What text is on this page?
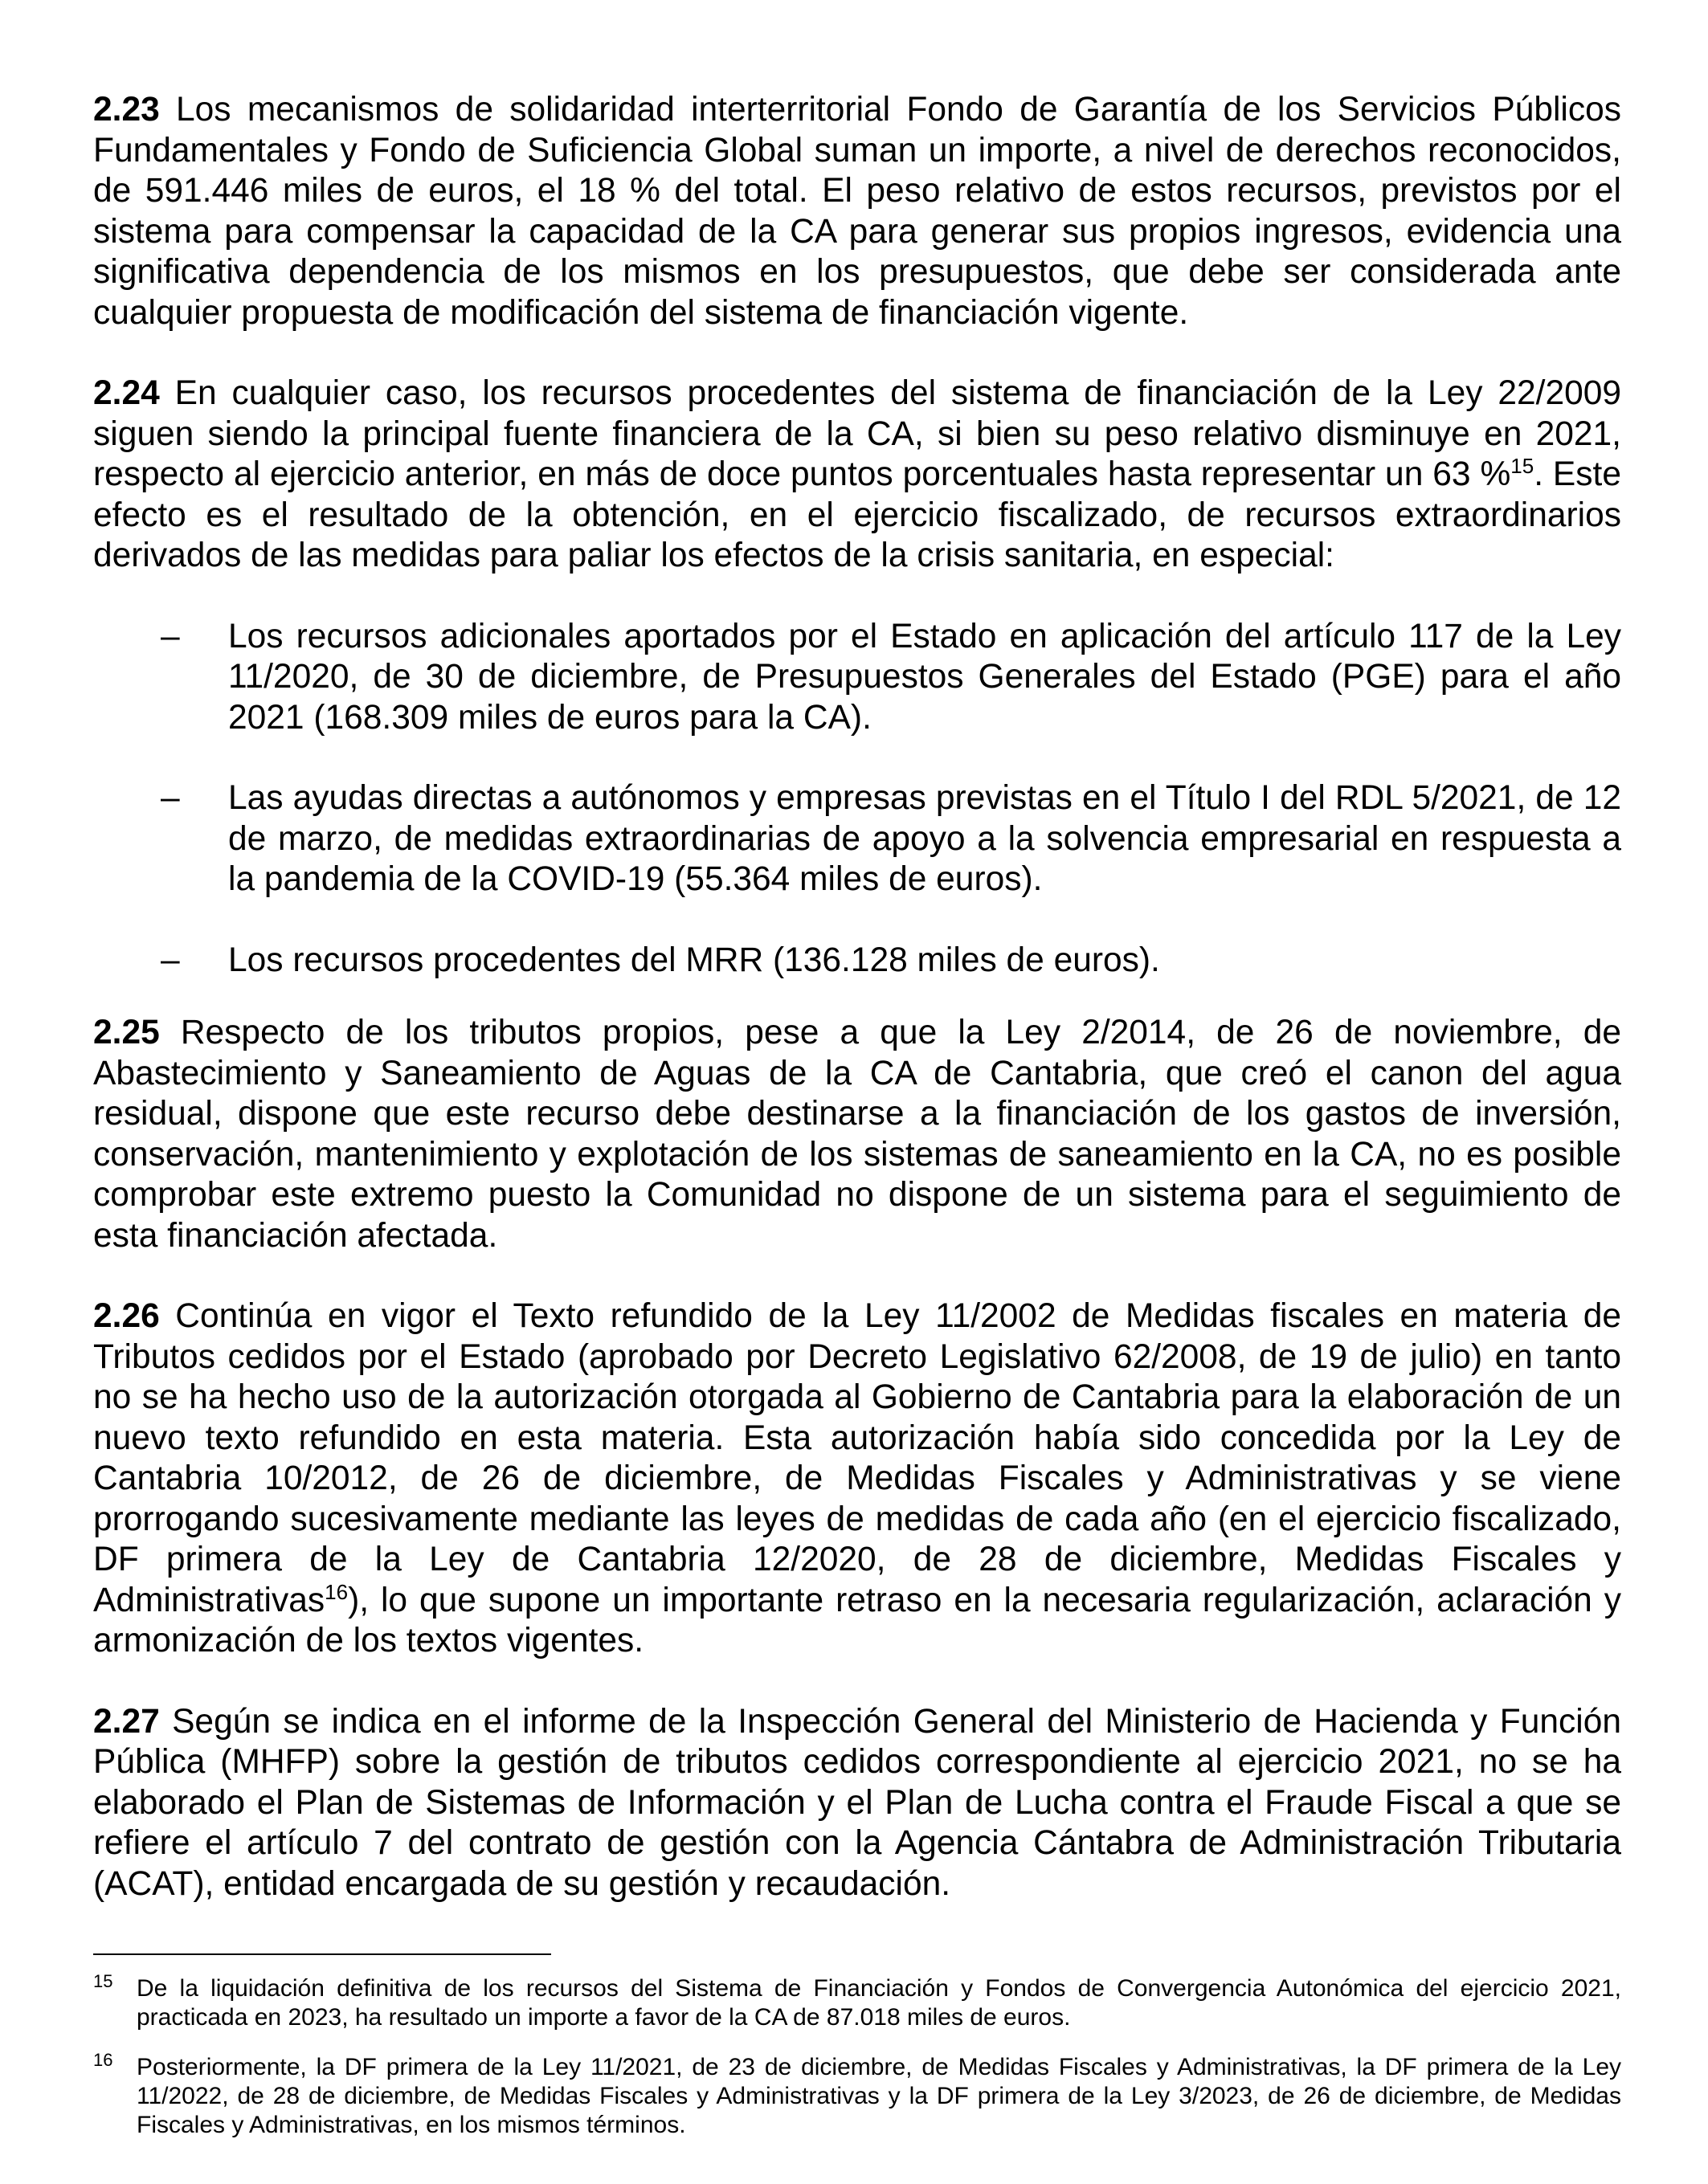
2.23 Los mecanismos de solidaridad interterritorial Fondo de Garantía de los Servicios Públicos Fundamentales y Fondo de Suficiencia Global suman un importe, a nivel de derechos reconocidos, de 591.446 miles de euros, el 18 % del total. El peso relativo de estos recursos, previstos por el sistema para compensar la capacidad de la CA para generar sus propios ingresos, evidencia una significativa dependencia de los mismos en los presupuestos, que debe ser considerada ante cualquier propuesta de modificación del sistema de financiación vigente.

2.24 En cualquier caso, los recursos procedentes del sistema de financiación de la Ley 22/2009 siguen siendo la principal fuente financiera de la CA, si bien su peso relativo disminuye en 2021, respecto al ejercicio anterior, en más de doce puntos porcentuales hasta representar un 63 %$^{15}$. Este efecto es el resultado de la obtención, en el ejercicio fiscalizado, de recursos extraordinarios derivados de las medidas para paliar los efectos de la crisis sanitaria, en especial:

–	Los recursos adicionales aportados por el Estado en aplicación del artículo 117 de la Ley 11/2020, de 30 de diciembre, de Presupuestos Generales del Estado (PGE) para el año 2021 (168.309 miles de euros para la CA).
–	Las ayudas directas a autónomos y empresas previstas en el Título I del RDL 5/2021, de 12 de marzo, de medidas extraordinarias de apoyo a la solvencia empresarial en respuesta a la pandemia de la COVID-19 (55.364 miles de euros).
–	Los recursos procedentes del MRR (136.128 miles de euros).

2.25 Respecto de los tributos propios, pese a que la Ley 2/2014, de 26 de noviembre, de Abastecimiento y Saneamiento de Aguas de la CA de Cantabria, que creó el canon del agua residual, dispone que este recurso debe destinarse a la financiación de los gastos de inversión, conservación, mantenimiento y explotación de los sistemas de saneamiento en la CA, no es posible comprobar este extremo puesto la Comunidad no dispone de un sistema para el seguimiento de esta financiación afectada.

2.26 Continúa en vigor el Texto refundido de la Ley 11/2002 de Medidas fiscales en materia de Tributos cedidos por el Estado (aprobado por Decreto Legislativo 62/2008, de 19 de julio) en tanto no se ha hecho uso de la autorización otorgada al Gobierno de Cantabria para la elaboración de un nuevo texto refundido en esta materia. Esta autorización había sido concedida por la Ley de Cantabria 10/2012, de 26 de diciembre, de Medidas Fiscales y Administrativas y se viene prorrogando sucesivamente mediante las leyes de medidas de cada año (en el ejercicio fiscalizado, DF primera de la Ley de Cantabria 12/2020, de 28 de diciembre, Medidas Fiscales y Administrativas$^{16}$), lo que supone un importante retraso en la necesaria regularización, aclaración y armonización de los textos vigentes.

2.27 Según se indica en el informe de la Inspección General del Ministerio de Hacienda y Función Pública (MHFP) sobre la gestión de tributos cedidos correspondiente al ejercicio 2021, no se ha elaborado el Plan de Sistemas de Información y el Plan de Lucha contra el Fraude Fiscal a que se refiere el artículo 7 del contrato de gestión con la Agencia Cántabra de Administración Tributaria (ACAT), entidad encargada de su gestión y recaudación.

15 De la liquidación definitiva de los recursos del Sistema de Financiación y Fondos de Convergencia Autonómica del ejercicio 2021, practicada en 2023, ha resultado un importe a favor de la CA de 87.018 miles de euros.
16 Posteriormente, la DF primera de la Ley 11/2021, de 23 de diciembre, de Medidas Fiscales y Administrativas, la DF primera de la Ley 11/2022, de 28 de diciembre, de Medidas Fiscales y Administrativas y la DF primera de la Ley 3/2023, de 26 de diciembre, de Medidas Fiscales y Administrativas, en los mismos términos.
